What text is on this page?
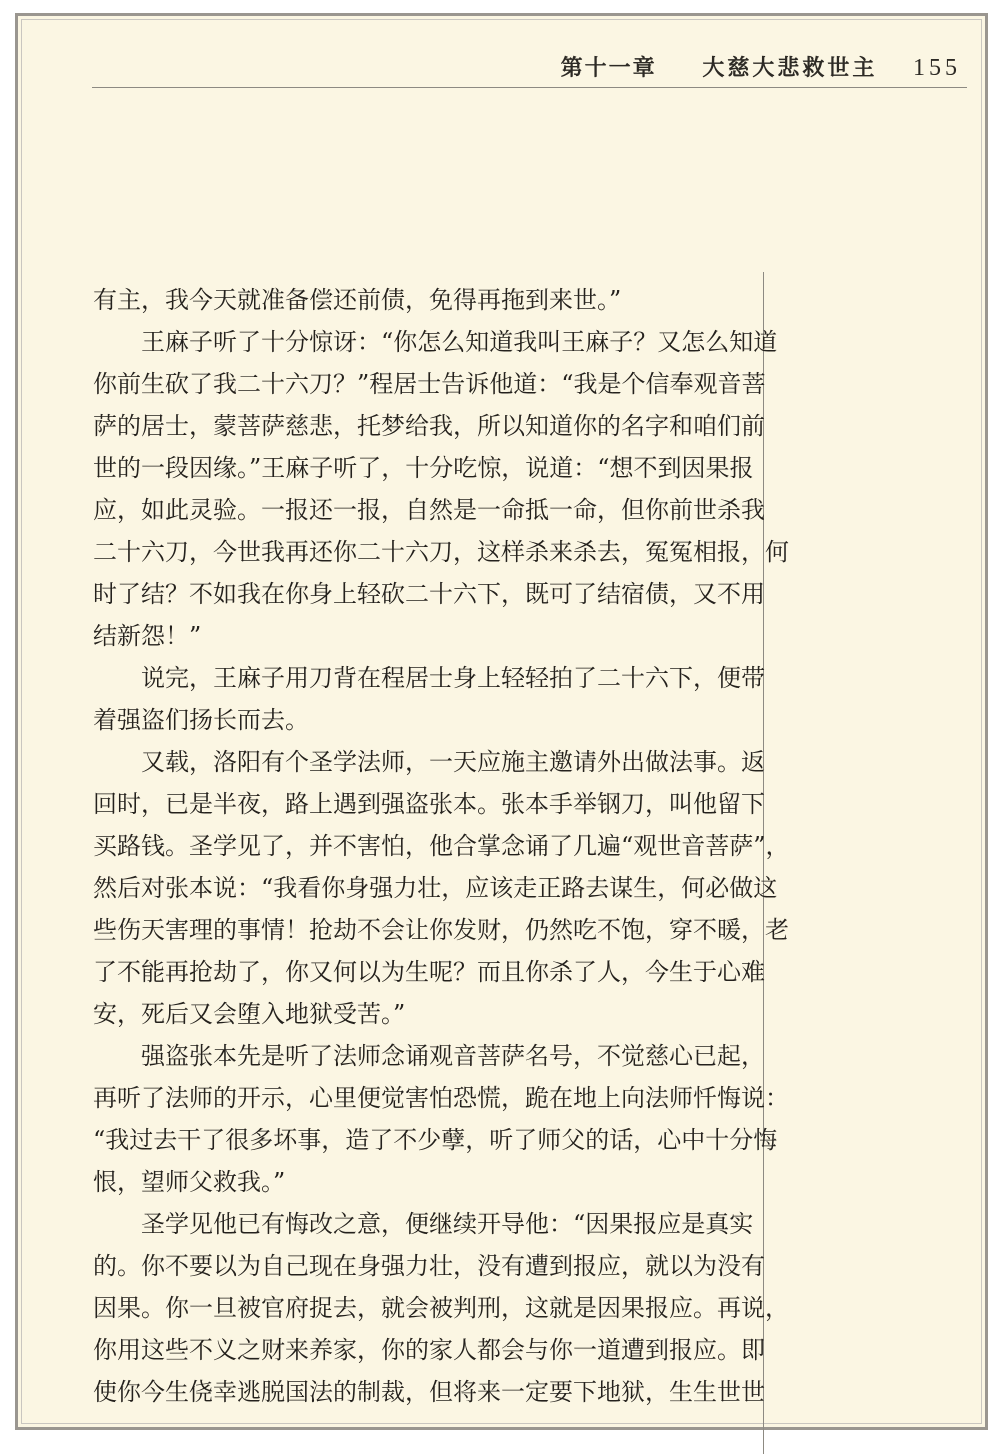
第十一章 大慈大悲救世主 155
有主，我今天就准备偿还前债，免得再拖到来世。”
王麻子听了十分惊讶：“你怎么知道我叫王麻子？又怎么知道
你前生砍了我二十六刀？”程居士告诉他道：“我是个信奉观音菩
萨的居士，蒙菩萨慈悲，托梦给我，所以知道你的名字和咱们前
世的一段因缘。”王麻子听了，十分吃惊，说道：“想不到因果报
应，如此灵验。一报还一报，自然是一命抵一命，但你前世杀我
二十六刀，今世我再还你二十六刀，这样杀来杀去，冤冤相报，何
时了结？不如我在你身上轻砍二十六下，既可了结宿债，又不用
结新怨！”
说完，王麻子用刀背在程居士身上轻轻拍了二十六下，便带
着强盗们扬长而去。
又载，洛阳有个圣学法师，一天应施主邀请外出做法事。返
回时，已是半夜，路上遇到强盗张本。张本手举钢刀，叫他留下
买路钱。圣学见了，并不害怕，他合掌念诵了几遍“观世音菩萨”，
然后对张本说：“我看你身强力壮，应该走正路去谋生，何必做这
些伤天害理的事情！抢劫不会让你发财，仍然吃不饱，穿不暖，老
了不能再抢劫了，你又何以为生呢？而且你杀了人，今生于心难
安，死后又会堕入地狱受苦。”
强盗张本先是听了法师念诵观音菩萨名号，不觉慈心已起，
再听了法师的开示，心里便觉害怕恐慌，跪在地上向法师忏悔说：
“我过去干了很多坏事，造了不少孽，听了师父的话，心中十分悔
恨，望师父救我。”
圣学见他已有悔改之意，便继续开导他：“因果报应是真实
的。你不要以为自己现在身强力壮，没有遭到报应，就以为没有
因果。你一旦被官府捉去，就会被判刑，这就是因果报应。再说，
你用这些不义之财来养家，你的家人都会与你一道遭到报应。即
使你今生侥幸逃脱国法的制裁，但将来一定要下地狱，生生世世
